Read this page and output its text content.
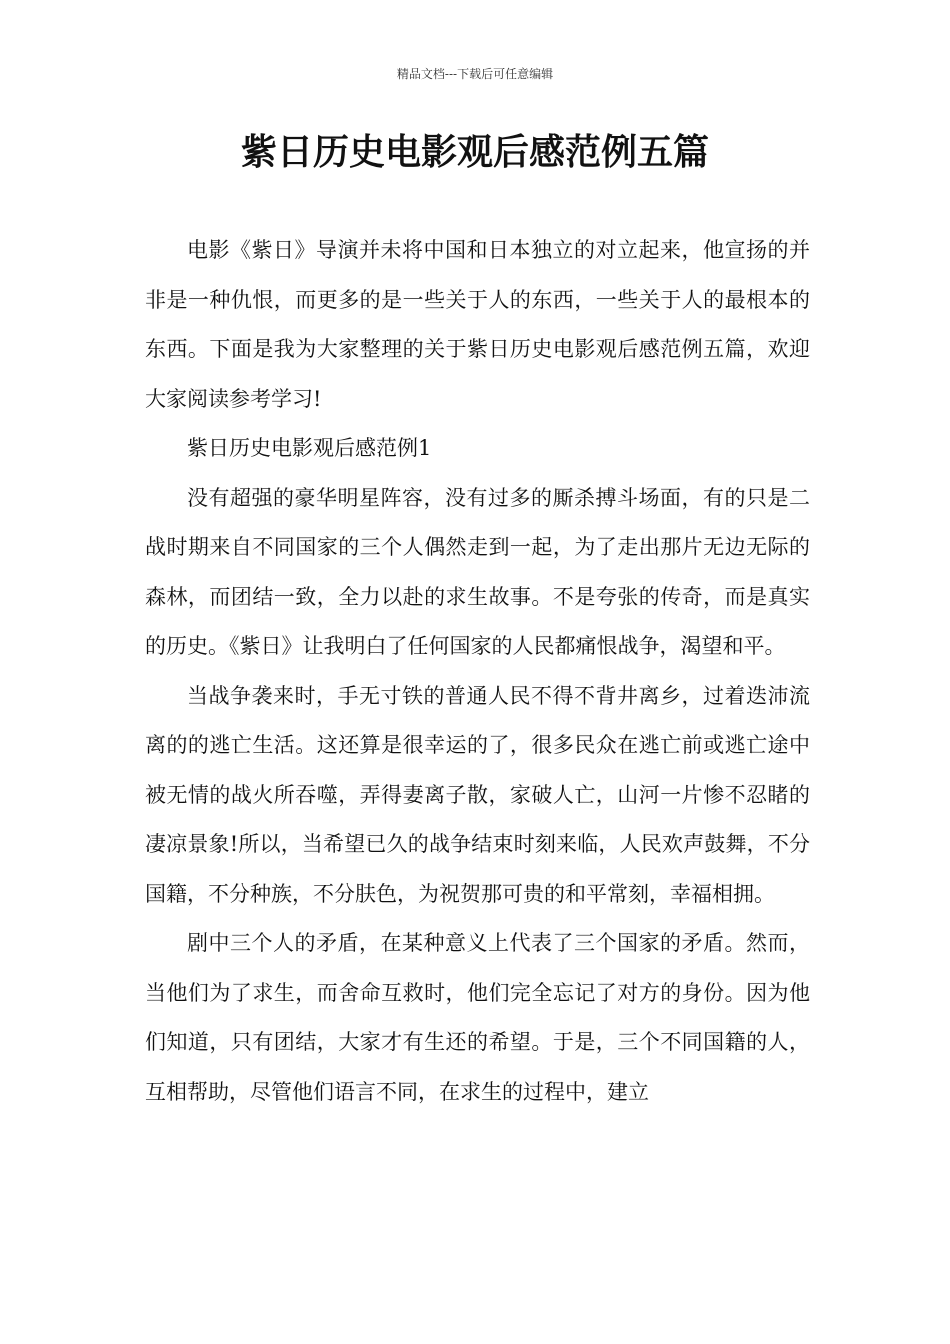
精品文档---下载后可任意编辑
紫日历史电影观后感范例五篇

电影《紫日》导演并未将中国和日本独立的对立起来，他宣扬的并非是一种仇恨，而更多的是一些关于人的东西，一些关于人的最根本的东西。下面是我为大家整理的关于紫日历史电影观后感范例五篇，欢迎大家阅读参考学习!

紫日历史电影观后感范例1

没有超强的豪华明星阵容，没有过多的厮杀搏斗场面，有的只是二战时期来自不同国家的三个人偶然走到一起，为了走出那片无边无际的森林，而团结一致，全力以赴的求生故事。不是夸张的传奇，而是真实的历史。《紫日》让我明白了任何国家的人民都痛恨战争，渴望和平。

当战争袭来时，手无寸铁的普通人民不得不背井离乡，过着迭沛流离的的逃亡生活。这还算是很幸运的了，很多民众在逃亡前或逃亡途中被无情的战火所吞噬，弄得妻离子散，家破人亡，山河一片惨不忍睹的凄凉景象!所以，当希望已久的战争结束时刻来临，人民欢声鼓舞，不分国籍，不分种族，不分肤色，为祝贺那可贵的和平常刻，幸福相拥。

剧中三个人的矛盾，在某种意义上代表了三个国家的矛盾。然而，当他们为了求生，而舍命互救时，他们完全忘记了对方的身份。因为他们知道，只有团结，大家才有生还的希望。于是，三个不同国籍的人，互相帮助，尽管他们语言不同，在求生的过程中，建立
